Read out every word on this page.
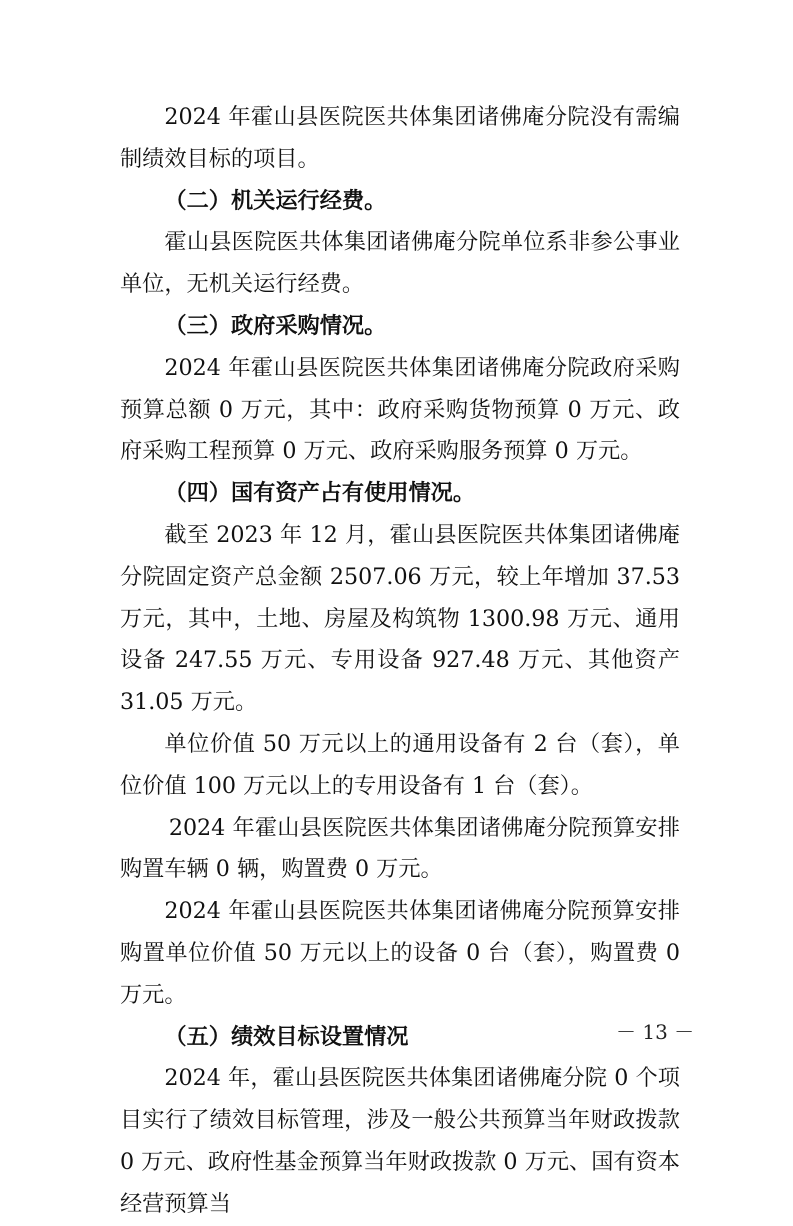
2024 年霍山县医院医共体集团诸佛庵分院没有需编制绩效目标的项目。

（二）机关运行经费。

霍山县医院医共体集团诸佛庵分院单位系非参公事业单位，无机关运行经费。

（三）政府采购情况。

2024 年霍山县医院医共体集团诸佛庵分院政府采购预算总额 0 万元，其中：政府采购货物预算 0 万元、政府采购工程预算 0 万元、政府采购服务预算 0 万元。

（四）国有资产占有使用情况。

截至 2023 年 12 月，霍山县医院医共体集团诸佛庵分院固定资产总金额 2507.06 万元，较上年增加 37.53 万元，其中，土地、房屋及构筑物 1300.98 万元、通用设备 247.55 万元、专用设备 927.48 万元、其他资产 31.05 万元。

单位价值 50 万元以上的通用设备有 2 台（套），单位价值 100 万元以上的专用设备有 1 台（套）。

2024 年霍山县医院医共体集团诸佛庵分院预算安排购置车辆 0 辆，购置费 0 万元。

2024 年霍山县医院医共体集团诸佛庵分院预算安排购置单位价值 50 万元以上的设备 0 台（套），购置费 0 万元。

（五）绩效目标设置情况

2024 年，霍山县医院医共体集团诸佛庵分院 0 个项目实行了绩效目标管理，涉及一般公共预算当年财政拨款 0 万元、政府性基金预算当年财政拨款 0 万元、国有资本经营预算当

－ 13 －
